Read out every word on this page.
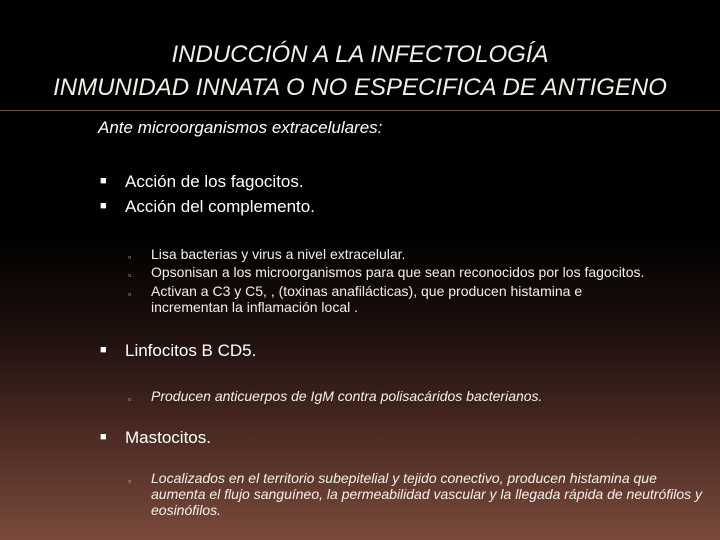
INDUCCIÓN A LA INFECTOLOGÍA
INMUNIDAD INNATA O NO ESPECIFICA DE ANTIGENO
Ante microorganismos extracelulares:
■ Acción de los fagocitos.
■ Acción del complemento.
▫ Lisa bacterias y virus a nivel extracelular.
▫ Opsonisan a los microorganismos para que sean reconocidos por los fagocitos.
▫ Activan a C3 y C5, , (toxinas anafilácticas), que producen histamina e incrementan la inflamación local .
■ Linfocitos B CD5.
▫ Producen anticuerpos de IgM contra polisacáridos bacterianos.
■ Mastocitos.
▫ Localizados en el territorio subepitelial y tejido conectivo, producen histamina que aumenta el flujo sanguíneo, la permeabilidad vascular y la llegada rápida de neutrófilos y eosinófilos.
